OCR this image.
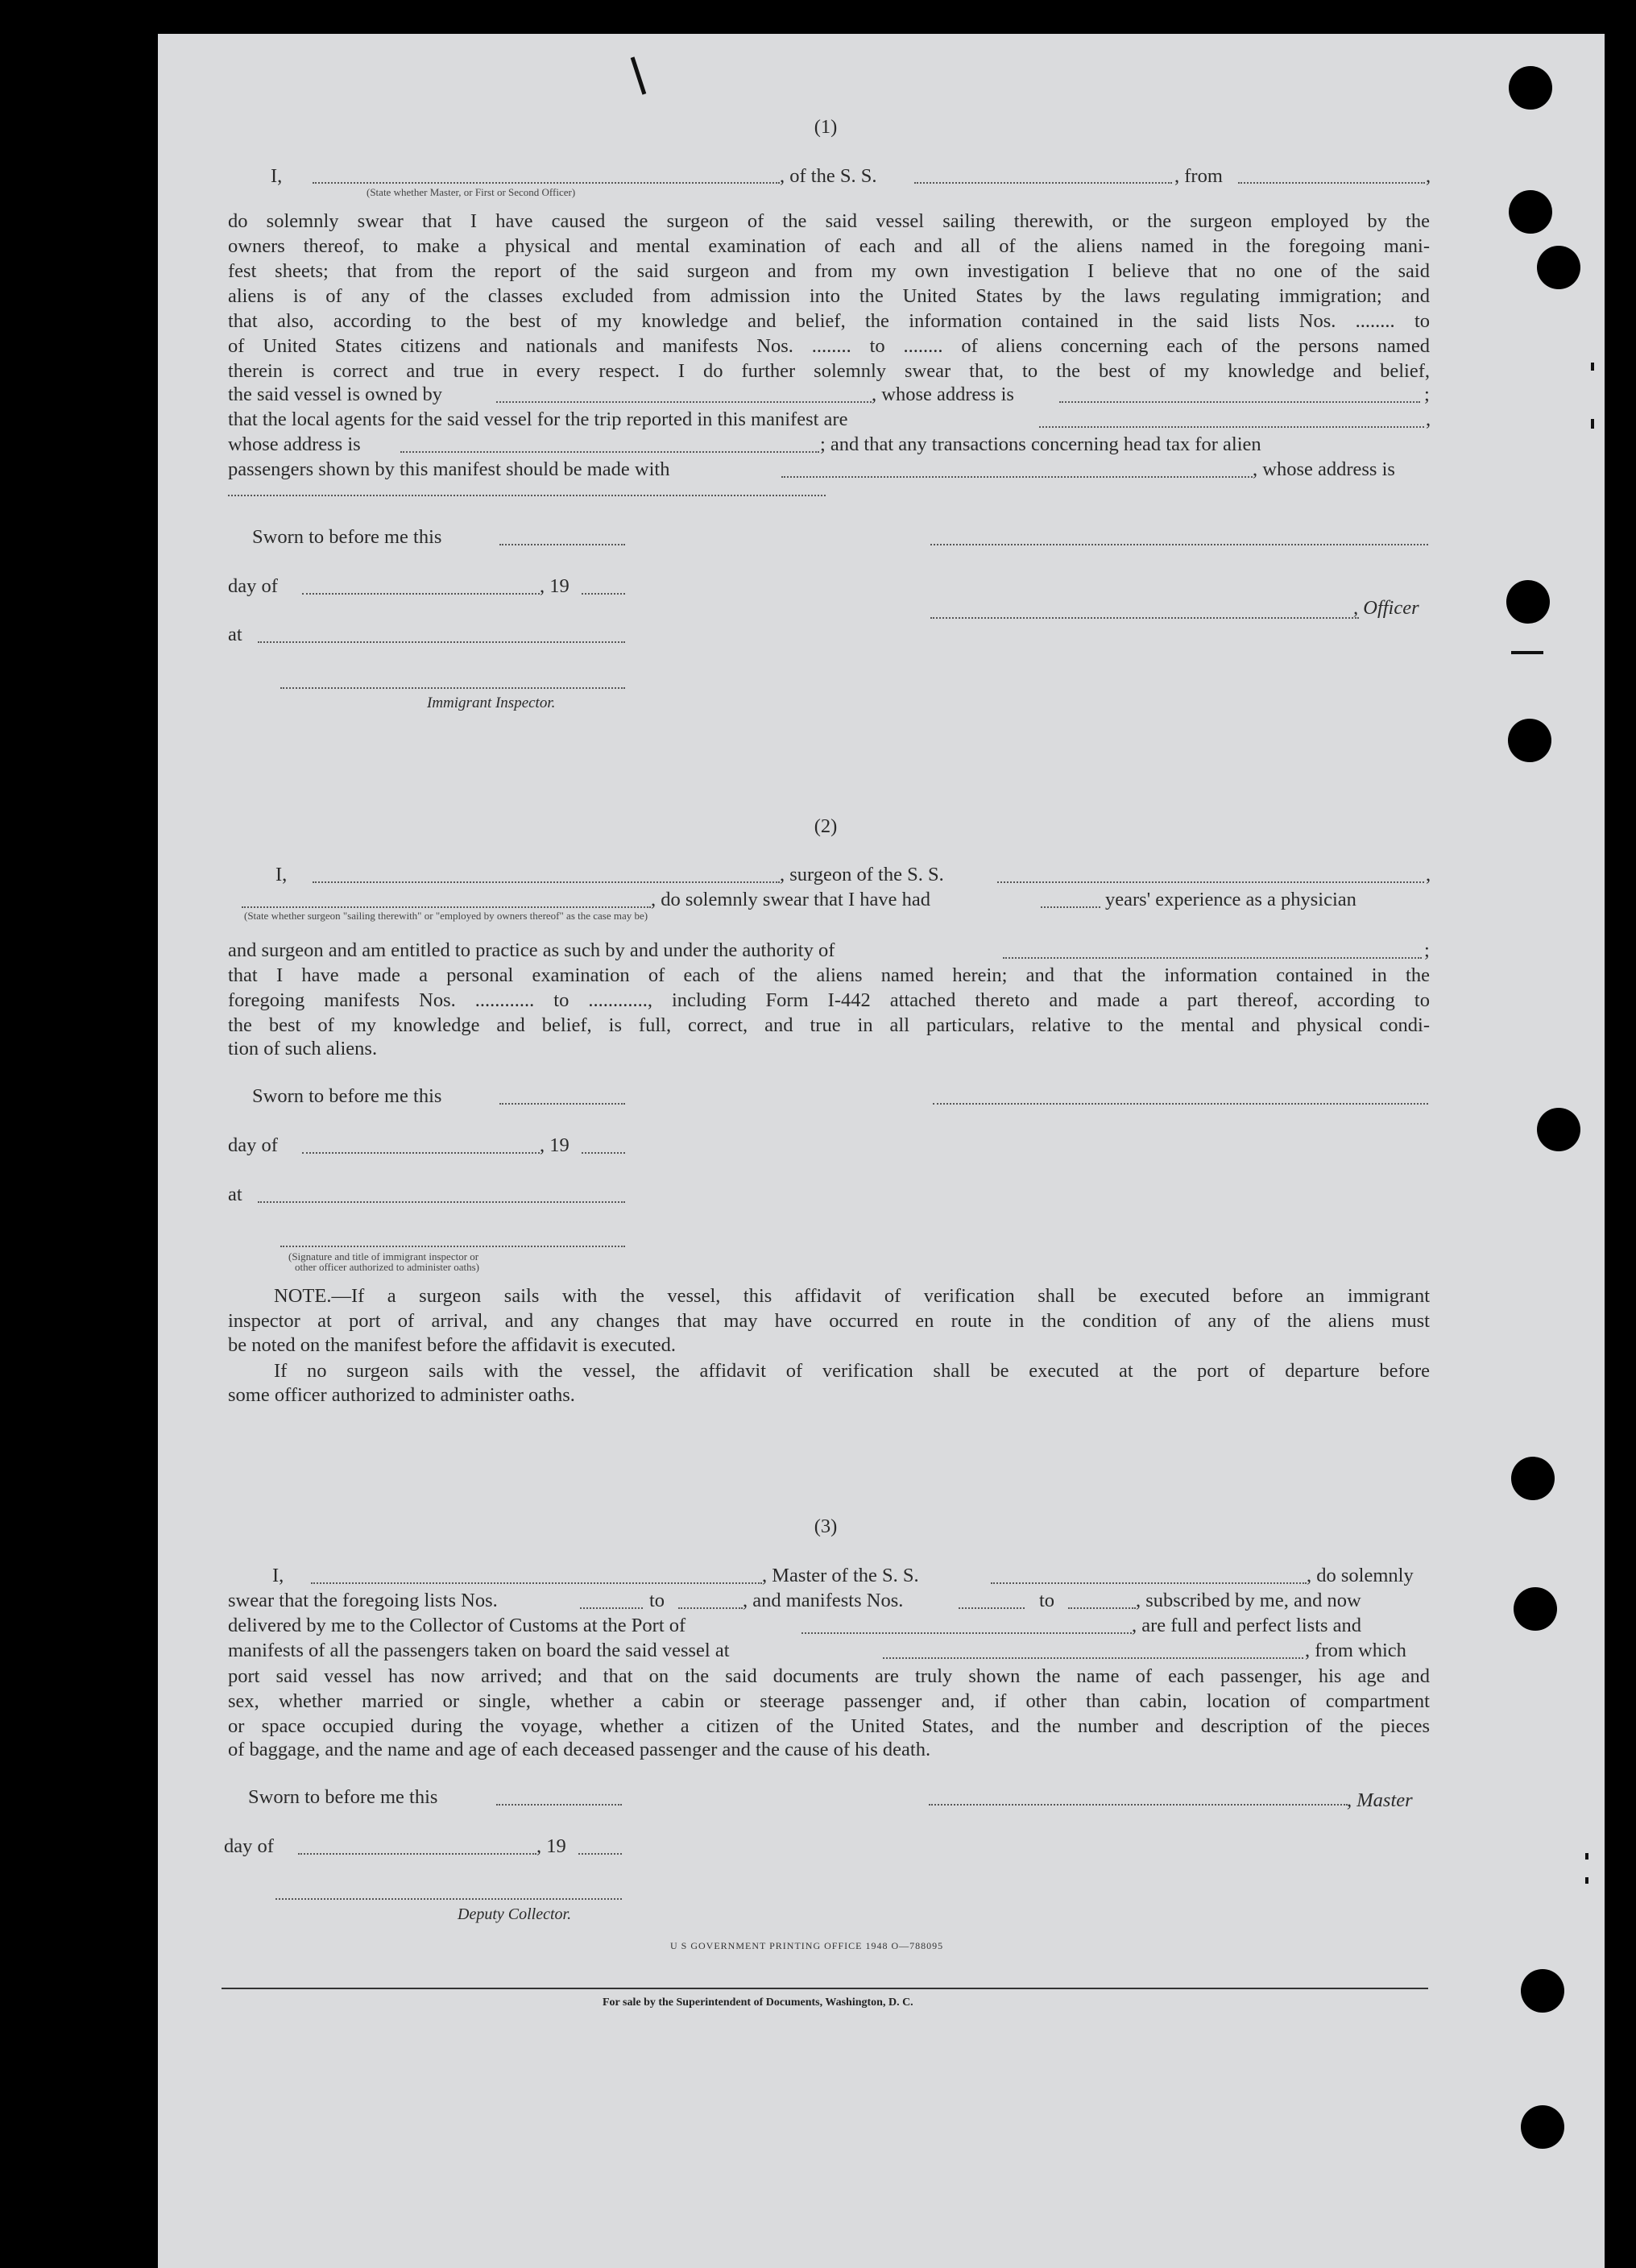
(1)
I,	, of the S. S.	, from	,
(State whether Master, or First or Second Officer)
do solemnly swear that I have caused the surgeon of the said vessel sailing therewith, or the surgeon employed by the
owners thereof, to make a physical and mental examination of each and all of the aliens named in the foregoing mani-
fest sheets; that from the report of the said surgeon and from my own investigation I believe that no one of the said
aliens is of any of the classes excluded from admission into the United States by the laws regulating immigration; and
that also, according to the best of my knowledge and belief, the information contained in the said lists Nos. ........ to
of United States citizens and nationals and manifests Nos. ........ to ........ of aliens concerning each of the persons named
therein is correct and true in every respect. I do further solemnly swear that, to the best of my knowledge and belief,
the said vessel is owned by	, whose address is	;
that the local agents for the said vessel for the trip reported in this manifest are	,
whose address is	; and that any transactions concerning head tax for alien
passengers shown by this manifest should be made with	, whose address is
Sworn to before me this
day of	, 19
, Officer
at
Immigrant Inspector.
(2)
I,	, surgeon of the S. S.	,
, do solemnly swear that I have had	years' experience as a physician
(State whether surgeon "sailing therewith" or "employed by owners thereof" as the case may be)
and surgeon and am entitled to practice as such by and under the authority of	;
that I have made a personal examination of each of the aliens named herein; and that the information contained in the
foregoing manifests Nos. ............ to ............, including Form I-442 attached thereto and made a part thereof, according to
the best of my knowledge and belief, is full, correct, and true in all particulars, relative to the mental and physical condi-
tion of such aliens.
Sworn to before me this
day of	, 19
at
(Signature and title of immigrant inspector or
other officer authorized to administer oaths)
NOTE.—If a surgeon sails with the vessel, this affidavit of verification shall be executed before an immigrant
inspector at port of arrival, and any changes that may have occurred en route in the condition of any of the aliens must
be noted on the manifest before the affidavit is executed.
If no surgeon sails with the vessel, the affidavit of verification shall be executed at the port of departure before
some officer authorized to administer oaths.
(3)
I,	, Master of the S. S.	, do solemnly
swear that the foregoing lists Nos.	to	, and manifests Nos.	to	, subscribed by me, and now
delivered by me to the Collector of Customs at the Port of	, are full and perfect lists and
manifests of all the passengers taken on board the said vessel at	, from which
port said vessel has now arrived; and that on the said documents are truly shown the name of each passenger, his age and
sex, whether married or single, whether a cabin or steerage passenger and, if other than cabin, location of compartment
or space occupied during the voyage, whether a citizen of the United States, and the number and description of the pieces
of baggage, and the name and age of each deceased passenger and the cause of his death.
Sworn to before me this	, Master
day of	, 19
Deputy Collector.
U S GOVERNMENT PRINTING OFFICE 1948 O—788095
For sale by the Superintendent of Documents, Washington, D. C.
